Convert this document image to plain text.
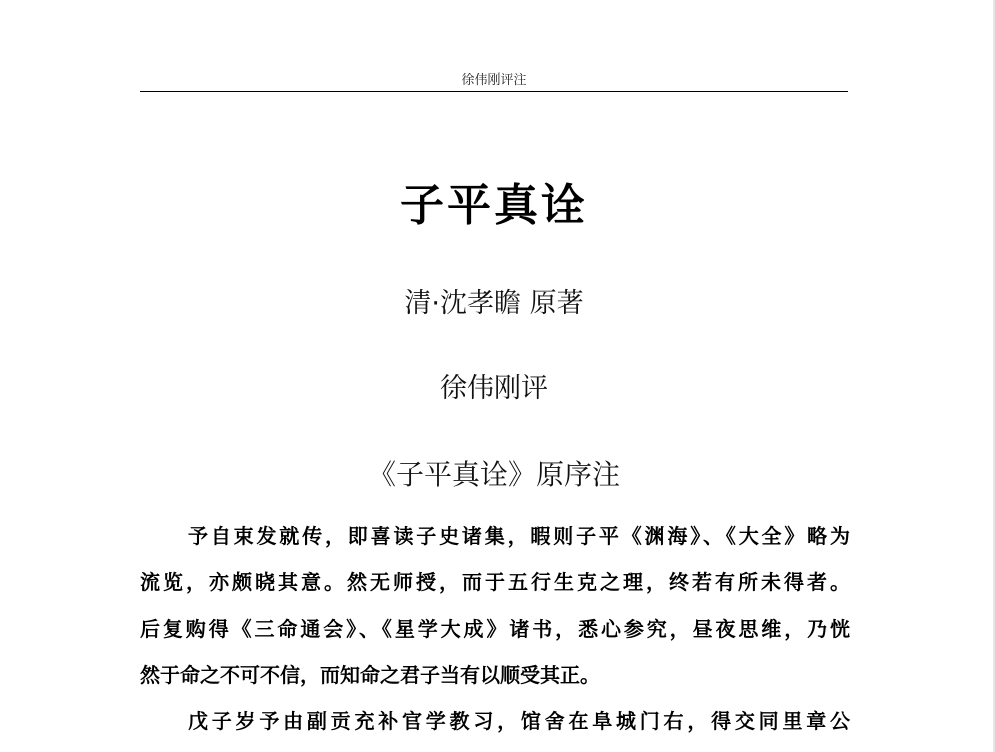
徐伟刚评注
子平真诠
清·沈孝瞻 原著
徐伟刚评
《子平真诠》原序注
予自束发就传，即喜读子史诸集，暇则子平《渊海》、《大全》略为
流览，亦颇晓其意。然无师授，而于五行生克之理，终若有所未得者。
后复购得《三命通会》、《星学大成》诸书，悉心参究，昼夜思维，乃恍
然于命之不可不信，而知命之君子当有以顺受其正。
戊子岁予由副贡充补官学教习，馆舍在阜城门右，得交同里章公
